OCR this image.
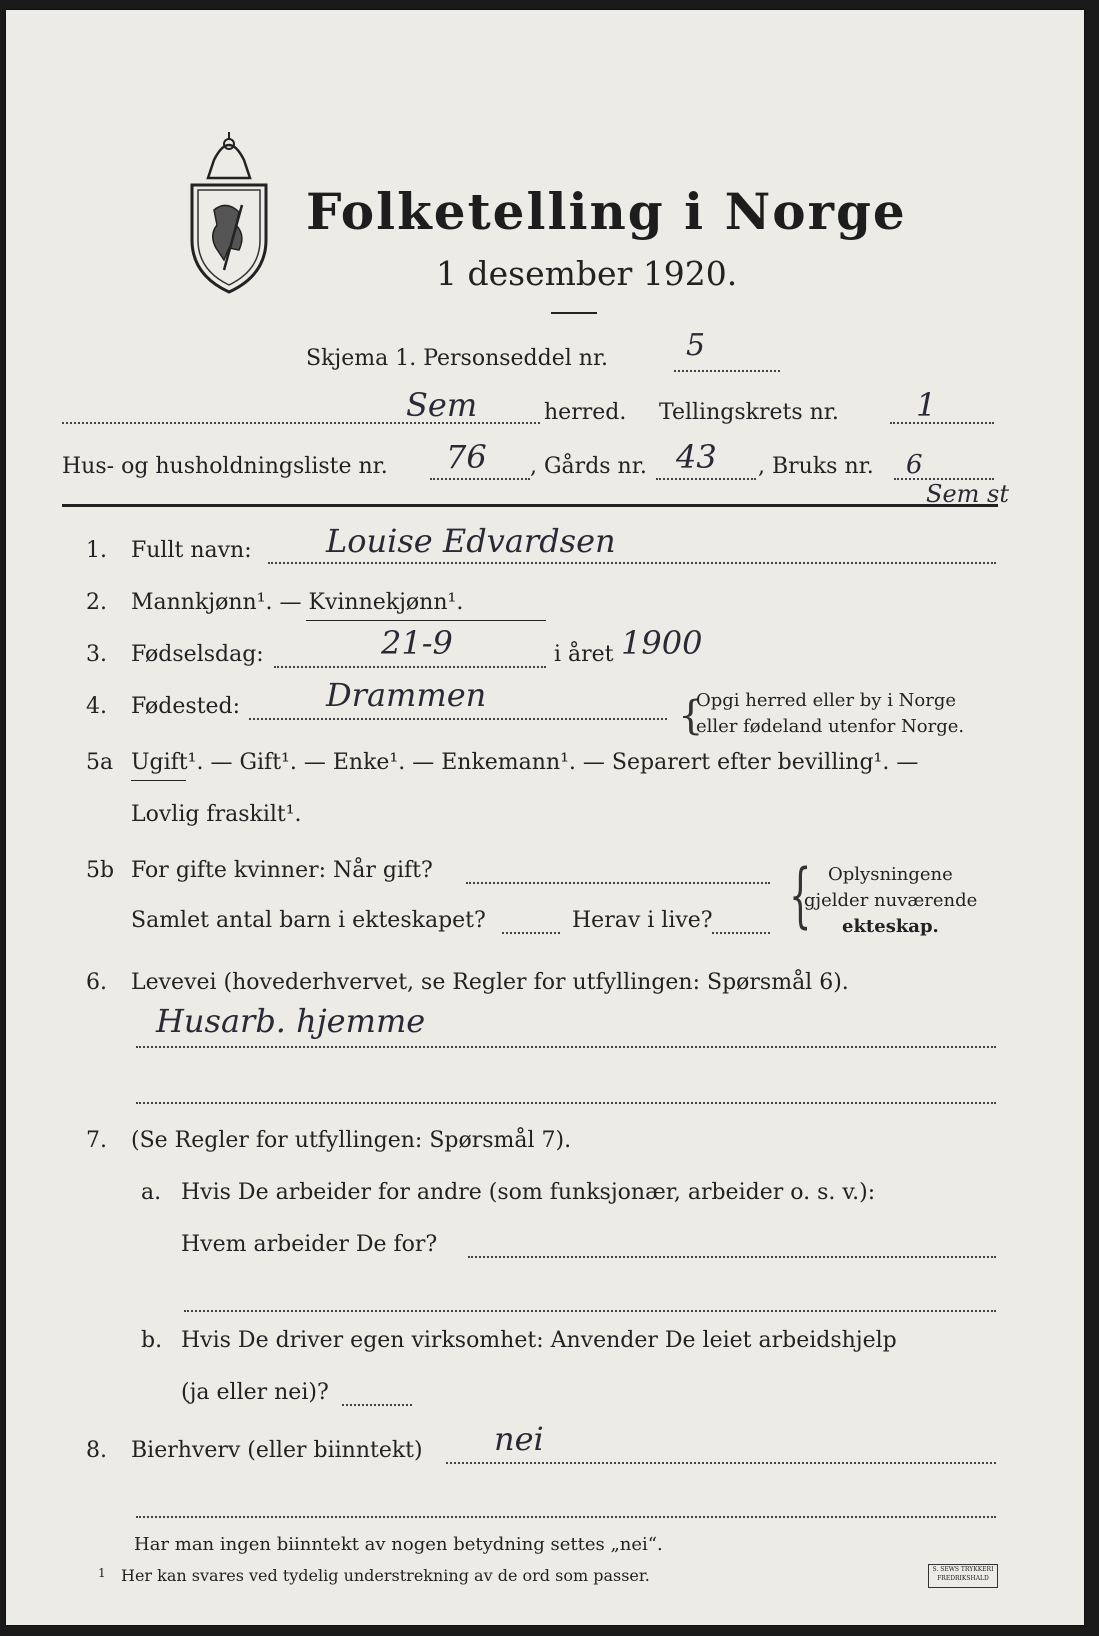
Folketelling i Norge
1 desember 1920.
Skjema 1. Personseddel nr.	5
Sem	herred. Tellingskrets nr. 1
Hus- og husholdningsliste nr. 76 , Gårds nr. 43 , Bruks nr. 6
Sem st
1. Fullt navn: Louise Edvardsen
2. Mannkjønn¹. — Kvinnekjønn¹.
3. Fødselsdag:	21-9	i året 1900
4. Fødested:	Drammen	{
Opgi herred eller by i Norge
eller fødeland utenfor Norge.
5a Ugift¹. — Gift¹. — Enke¹. — Enkemann¹. — Separert efter bevilling¹. —
Lovlig fraskilt¹.
5b For gifte kvinner: Når gift?
Samlet antal barn i ekteskapet?	Herav i live? { Oplysningene
gjelder nuværende
ekteskap.
6. Levevei (hovederhvervet, se Regler for utfyllingen: Spørsmål 6).
Husarb. hjemme
7. (Se Regler for utfyllingen: Spørsmål 7).
a. Hvis De arbeider for andre (som funksjonær, arbeider o. s. v.):
Hvem arbeider De for?
b. Hvis De driver egen virksomhet: Anvender De leiet arbeidshjelp
(ja eller nei)?
8. Bierhverv (eller biinntekt) nei
Har man ingen biinntekt av nogen betydning settes „nei“.
1 Her kan svares ved tydelig understrekning av de ord som passer.	S. SEWS TRYKKERI FREDRIKSHALD
